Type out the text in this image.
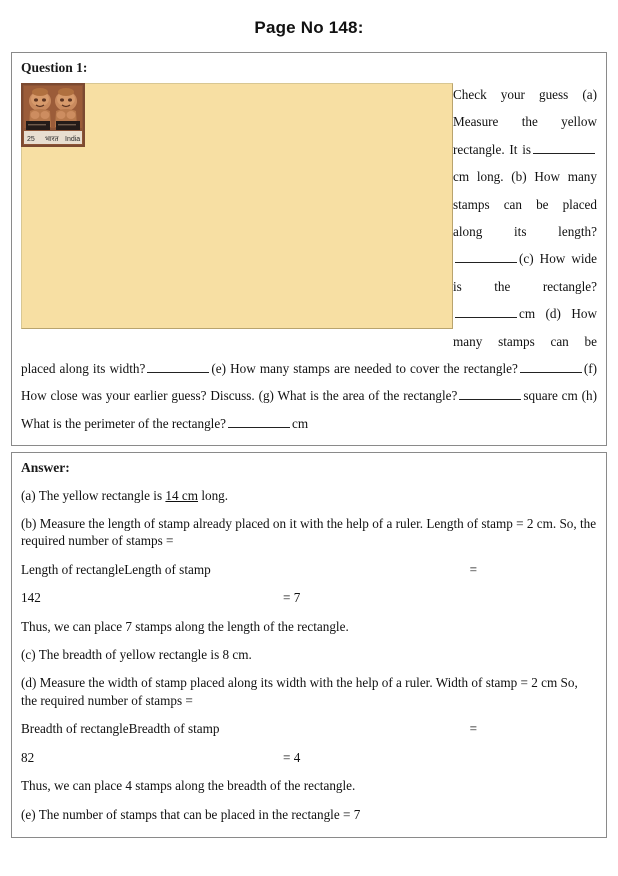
Page No 148:
Question 1:
25 भारत India
Check your guess (a) Measure the yellow rectangle. It iscm long. (b) How many stamps can be placed along its length?(c) How wide is the rectangle?cm (d) How many stamps can be placed along its width?	(e) How many stamps are needed to cover the rectangle?	(f) How close was your earlier guess? Discuss. (g) What is the area of the rectangle?	square cm (h) What is the perimeter of the rectangle?	cm
Answer:
(a) The yellow rectangle is 14 cm long.
(b) Measure the length of stamp already placed on it with the help of a ruler. Length of stamp = 2 cm. So, the required number of stamps =
Length of rectangleLength of stamp	=
142	= 7
Thus, we can place 7 stamps along the length of the rectangle.
(c) The breadth of yellow rectangle is 8 cm.
(d) Measure the width of stamp placed along its width with the help of a ruler. Width of stamp = 2 cm So, the required number of stamps =
Breadth of rectangleBreadth of stamp	=
82	= 4
Thus, we can place 4 stamps along the breadth of the rectangle.
(e) The number of stamps that can be placed in the rectangle = 7
